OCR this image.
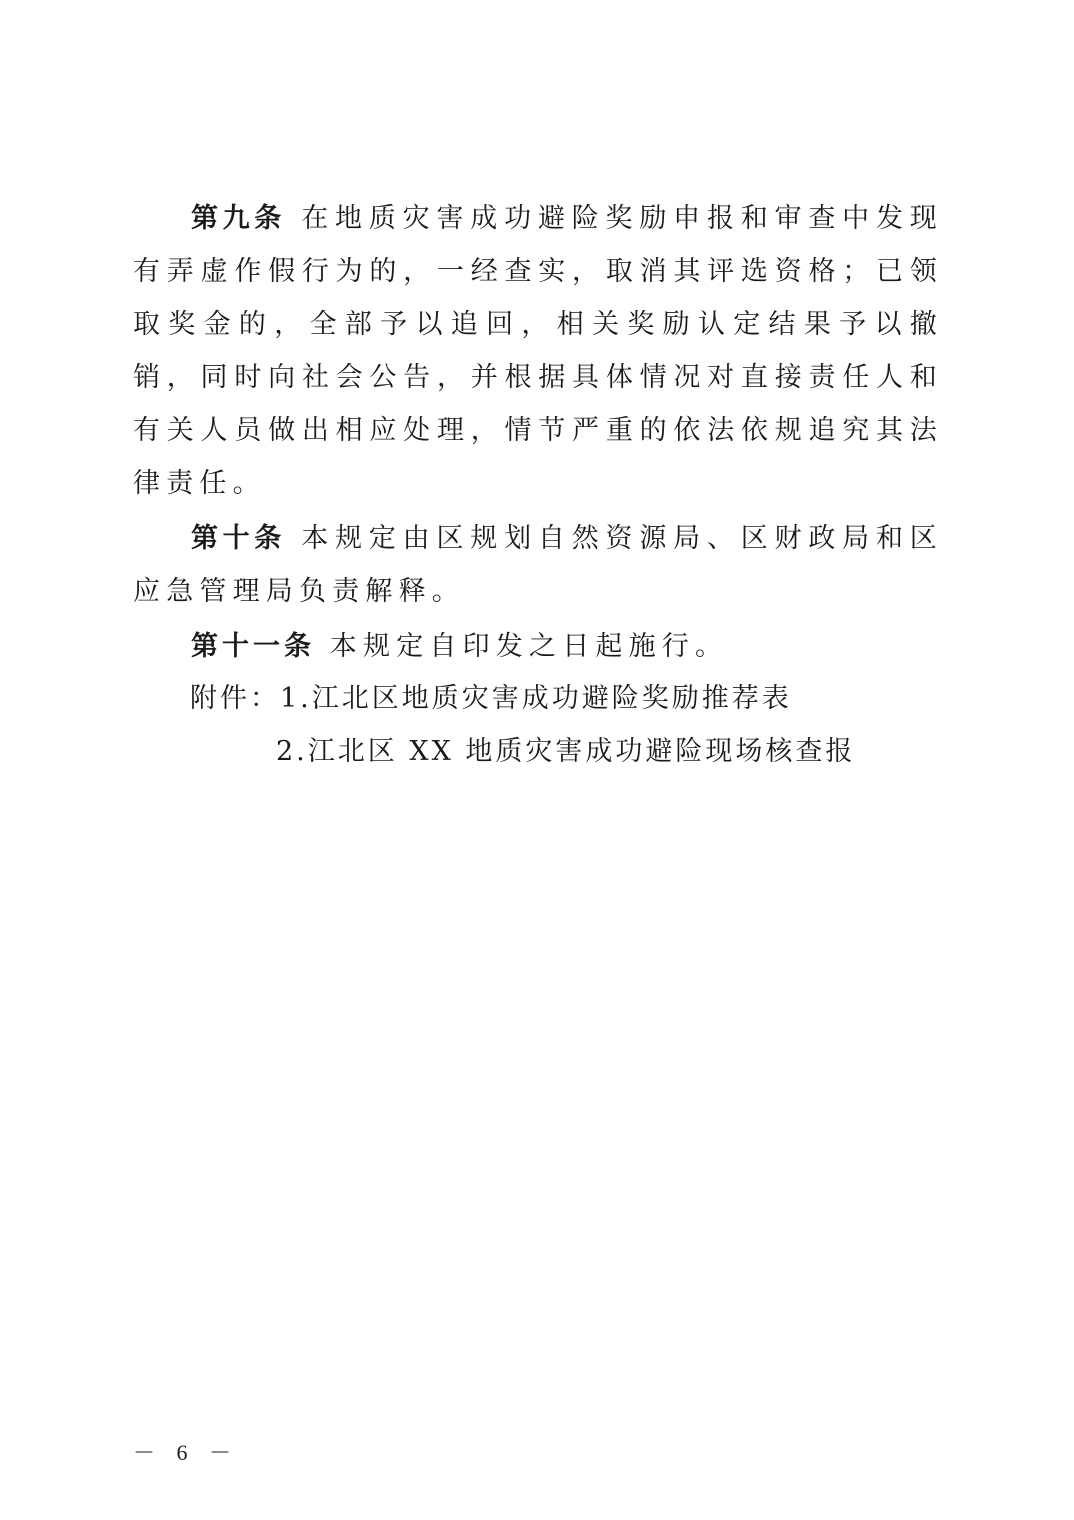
第九条 在地质灾害成功避险奖励申报和审查中发现有弄虚作假行为的，一经查实，取消其评选资格；已领取奖金的，全部予以追回，相关奖励认定结果予以撤销，同时向社会公告，并根据具体情况对直接责任人和有关人员做出相应处理，情节严重的依法依规追究其法律责任。

第十条 本规定由区规划自然资源局、区财政局和区应急管理局负责解释。

第十一条 本规定自印发之日起施行。

附件：1.江北区地质灾害成功避险奖励推荐表
2.江北区 XX 地质灾害成功避险现场核查报
－ 6 －
